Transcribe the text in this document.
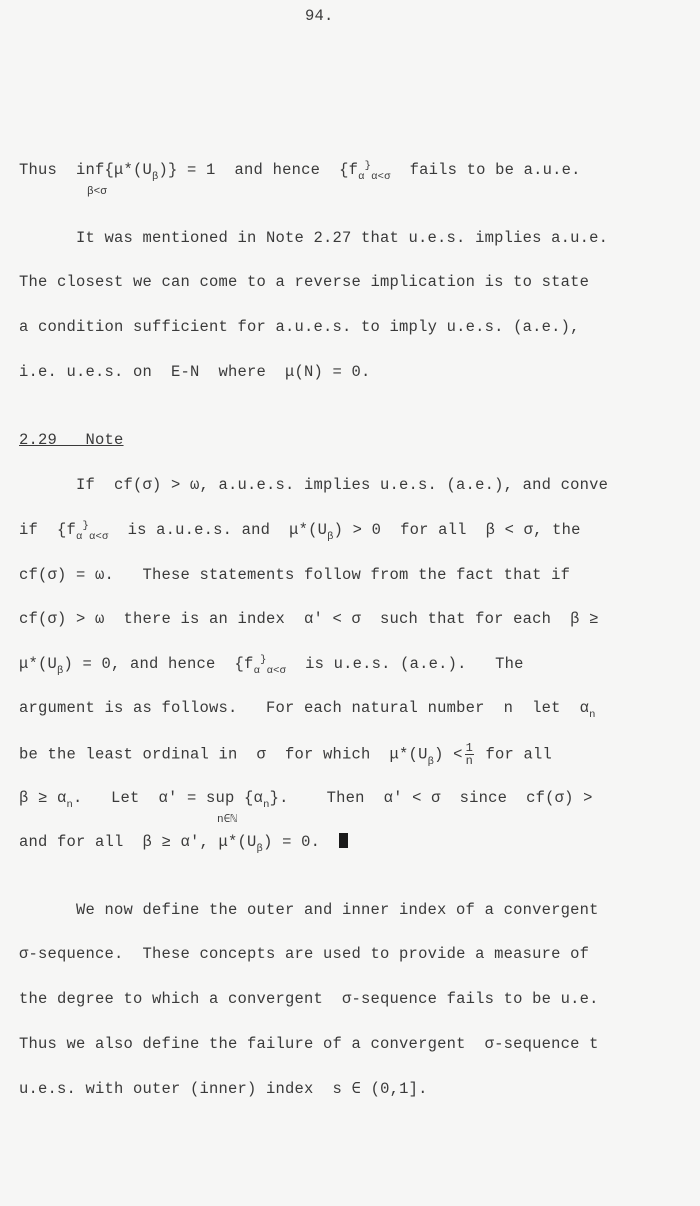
94.
Thus  $inf\{\mu*(U_\beta)\} = 1$  and hence  {$f_\alpha^{\}}_{\alpha<\sigma}$  fails to be a.u.e.
β<σ
It was mentioned in Note 2.27 that u.e.s. implies a.u.e.
The closest we can come to a reverse implication is to state
a condition sufficient for a.u.e.s. to imply u.e.s. (a.e.),
i.e. u.e.s. on  E-N  where  μ(N) = 0.
2.29   Note
If  cf(σ) > ω, a.u.e.s. implies u.e.s. (a.e.), and conve
if  {$f_\alpha^{\}}_{\alpha<\sigma}$  is a.u.e.s. and  $\mu*(U_\beta) > 0$  for all  β < σ, the
cf(σ) = ω.   These statements follow from the fact that if
cf(σ) > ω  there is an index  α' < σ  such that for each  β ≥
$\mu*(U_\beta) = 0$, and hence  {$f_\alpha^{\}}_{\alpha<\sigma}$  is u.e.s. (a.e.).   The
argument is as follows.   For each natural number  n  let  $\alpha_n$
be the least ordinal in  σ  for which  $\mu*(U_\beta) < \frac{1}{n}$ for all
$\beta \ge \alpha_n$.   Let  α' = sup $\{\alpha_n\}$.    Then  α' < σ  since  cf(σ) >
n∈ℕ
and for all  β ≥ α', $\mu*(U_\beta) = 0$.
We now define the outer and inner index of a convergent
σ-sequence.  These concepts are used to provide a measure of
the degree to which a convergent  σ-sequence fails to be u.e.
Thus we also define the failure of a convergent  σ-sequence t
u.e.s. with outer (inner) index  s ∈ (0,1].
